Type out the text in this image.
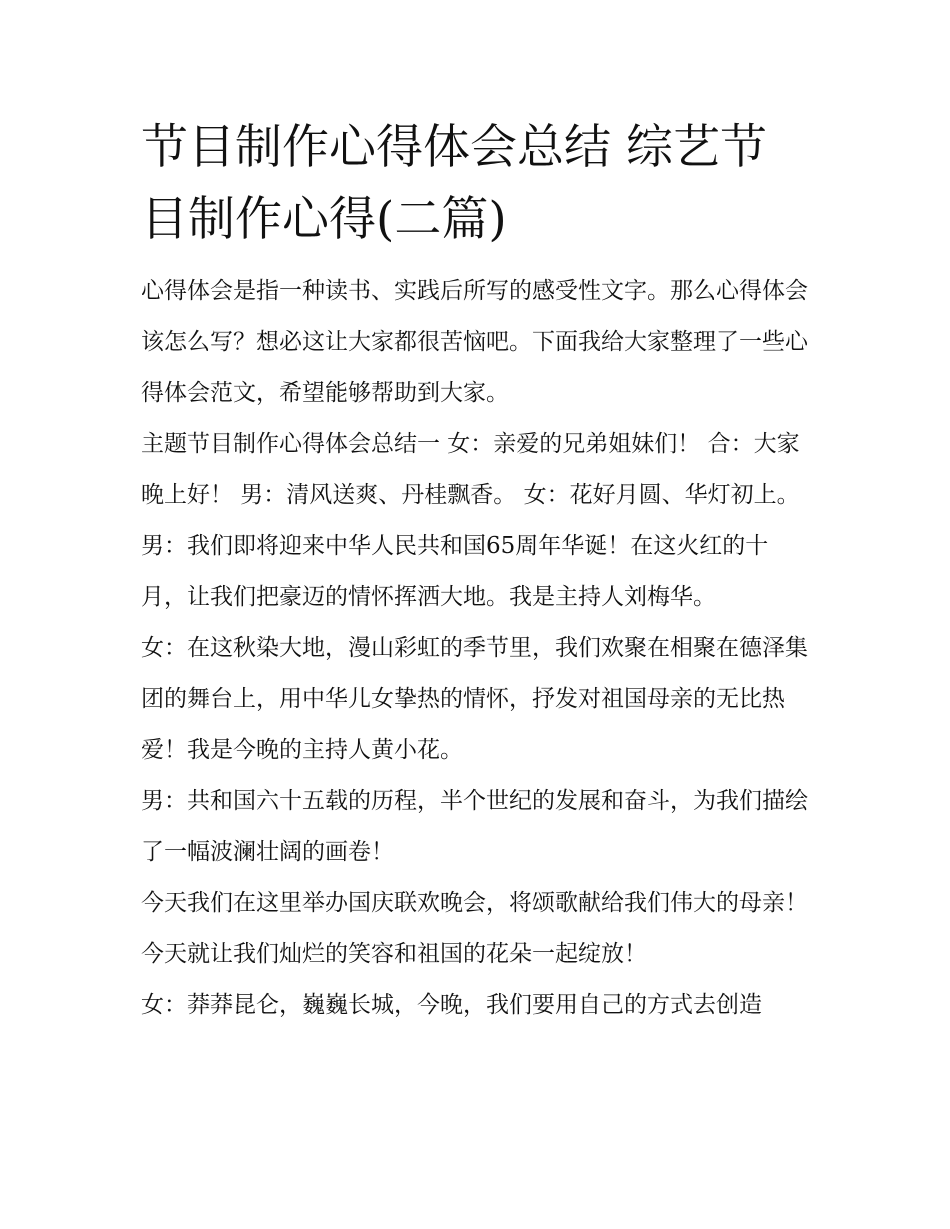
节目制作心得体会总结 综艺节目制作心得(二篇)

心得体会是指一种读书、实践后所写的感受性文字。那么心得体会该怎么写？想必这让大家都很苦恼吧。下面我给大家整理了一些心得体会范文，希望能够帮助到大家。

主题节目制作心得体会总结一 女：亲爱的兄弟姐妹们！ 合：大家晚上好！ 男：清风送爽、丹桂飘香。 女：花好月圆、华灯初上。

男：我们即将迎来中华人民共和国65周年华诞！在这火红的十月，让我们把豪迈的情怀挥洒大地。我是主持人刘梅华。

女：在这秋染大地，漫山彩虹的季节里，我们欢聚在相聚在德泽集团的舞台上，用中华儿女挚热的情怀，抒发对祖国母亲的无比热爱！我是今晚的主持人黄小花。

男：共和国六十五载的历程，半个世纪的发展和奋斗，为我们描绘了一幅波澜壮阔的画卷！

今天我们在这里举办国庆联欢晚会，将颂歌献给我们伟大的母亲！今天就让我们灿烂的笑容和祖国的花朵一起绽放！

女：莽莽昆仑，巍巍长城，今晚，我们要用自己的方式去创造
